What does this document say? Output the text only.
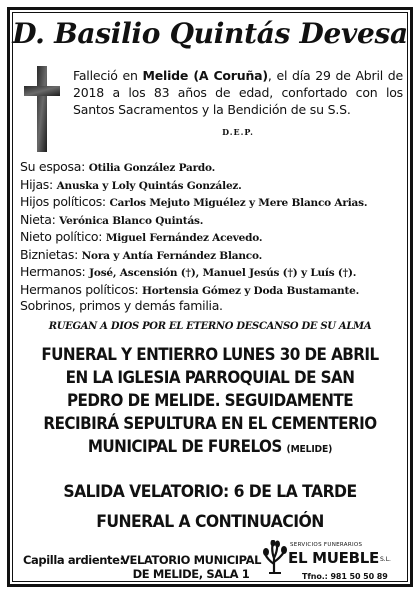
D. Basilio Quintás Devesa
Falleció en Melide (A Coruña), el día 29 de Abril de 2018 a los 83 años de edad, confortado con los Santos Sacramentos y la Bendición de su S.S.
D.E.P.
Su esposa: Otilia González Pardo.
Hijas: Anuska y Loly Quintás González.
Hijos políticos: Carlos Mejuto Miguélez y Mere Blanco Arias.
Nieta: Verónica Blanco Quintás.
Nieto político: Miguel Fernández Acevedo.
Biznietas: Nora y Antía Fernández Blanco.
Hermanos: José, Ascensión (†), Manuel Jesús (†) y Luís (†).
Hermanos políticos: Hortensia Gómez y Doda Bustamante.
Sobrinos, primos y demás familia.
RUEGAN A DIOS POR EL ETERNO DESCANSO DE SU ALMA
FUNERAL Y ENTIERRO LUNES 30 DE ABRIL
EN LA IGLESIA PARROQUIAL DE SAN
PEDRO DE MELIDE. SEGUIDAMENTE
RECIBIRÁ SEPULTURA EN EL CEMENTERIO
MUNICIPAL DE FURELOS (MELIDE)
SALIDA VELATORIO: 6 DE LA TARDE
FUNERAL A CONTINUACIÓN
Capilla ardiente:
VELATORIO MUNICIPAL
DE MELIDE, SALA 1
SERVICIOS FUNERARIOS
EL MUEBLE S.L.
Tfno.: 981 50 50 89
